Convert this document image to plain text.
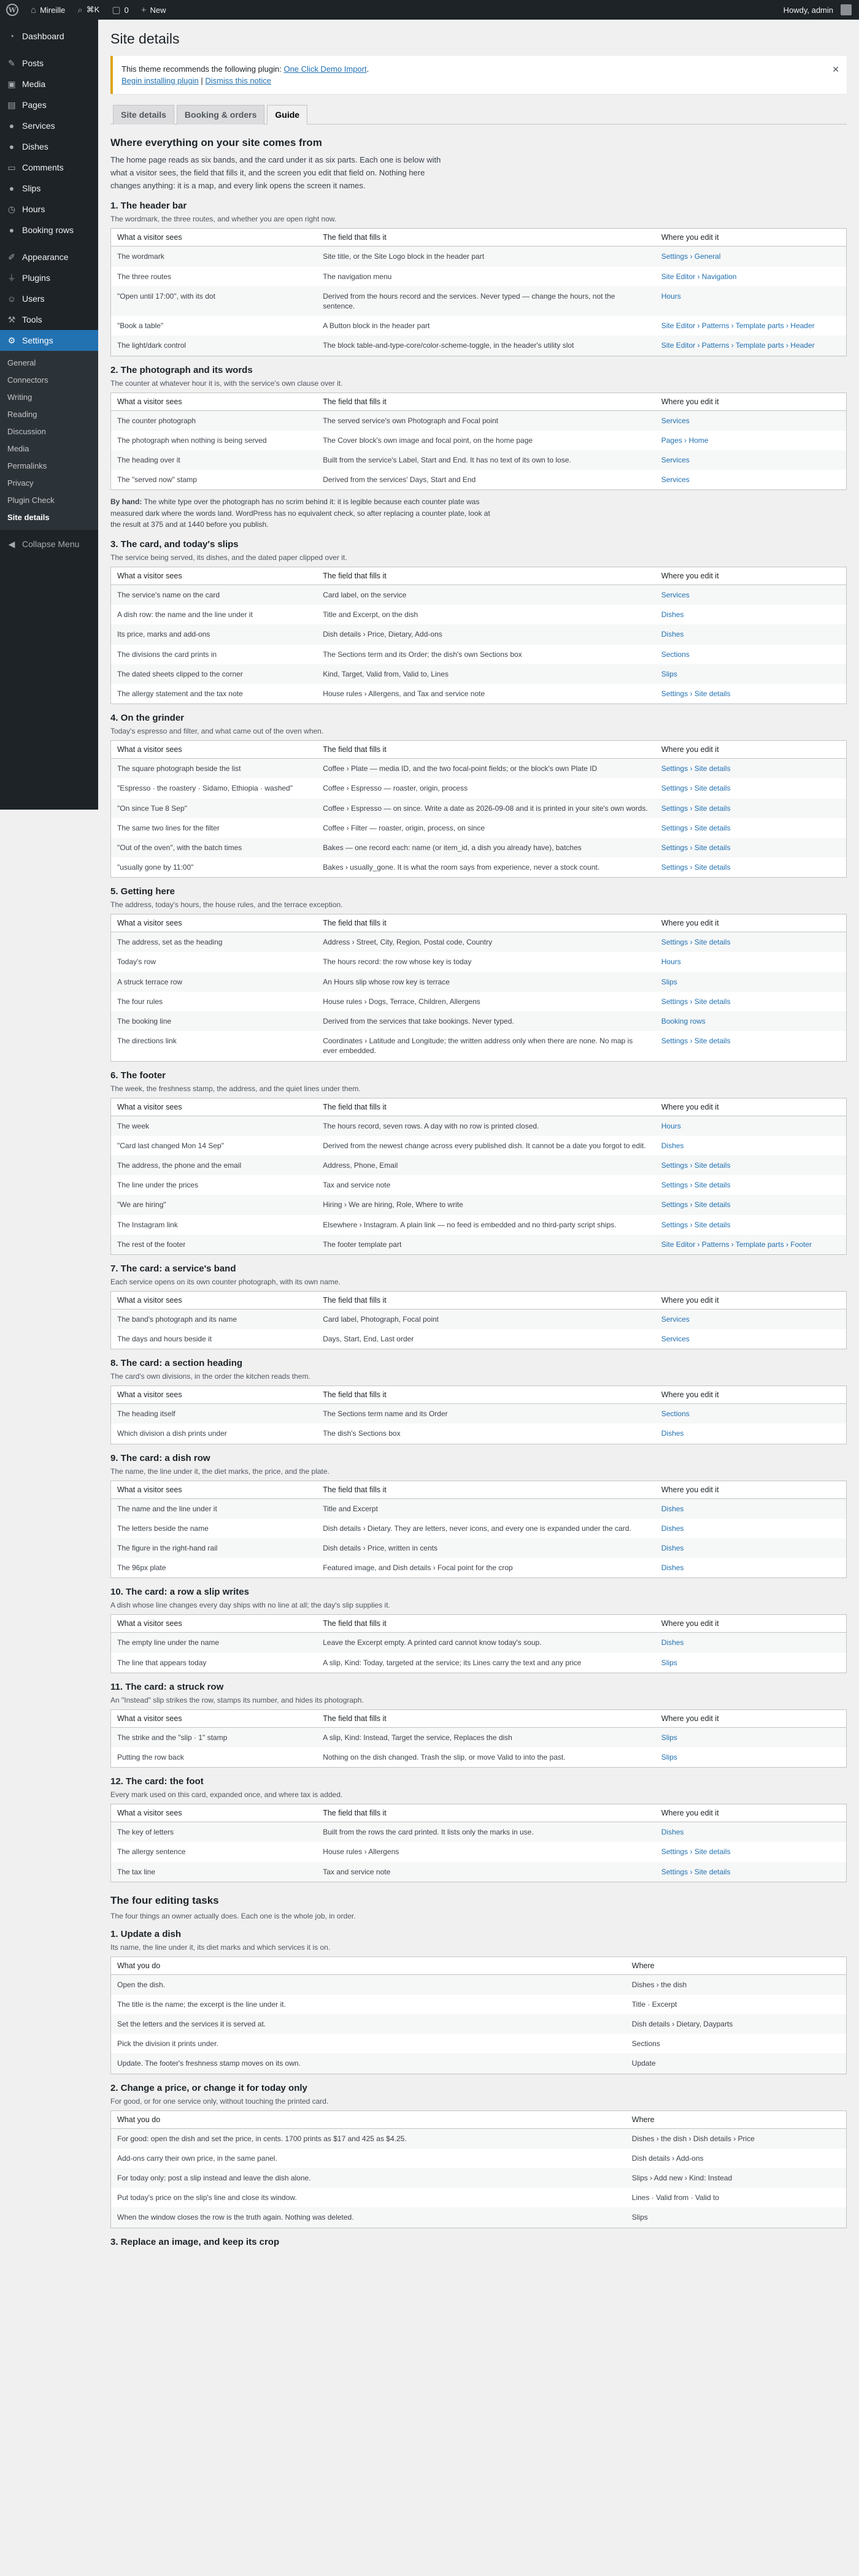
W ⌂ Mireille ⌕ ⌘K ▢ 0 + New	Howdy, admin
◔ Dashboard
✎ Posts
▣ Media
▤ Pages
● Services
● Dishes
▭ Comments
● Slips
◷ Hours
● Booking rows
✐ Appearance
⏚ Plugins
☺ Users
⚒ Tools
⚙ Settings
General
Connectors
Writing
Reading
Discussion
Media
Permalinks
Privacy
Plugin Check
Site details
◀ Collapse Menu
Site details

This theme recommends the following plugin: One Click Demo Import.

Begin installing plugin | Dismiss this notice

✕
Site details	Booking & orders	Guide
Where everything on your site comes from

The home page reads as six bands, and the card under it as six parts. Each one is below with what a visitor sees, the field that fills it, and the screen you edit that field on. Nothing here changes anything: it is a map, and every link opens the screen it names.

1. The header bar

The wordmark, the three routes, and whether you are open right now.

What a visitor sees	The field that fills it	Where you edit it
The wordmark	Site title, or the Site Logo block in the header part	Settings › General
The three routes	The navigation menu	Site Editor › Navigation
"Open until 17:00", with its dot	Derived from the hours record and the services. Never typed — change the hours, not the sentence.	Hours
"Book a table"	A Button block in the header part	Site Editor › Patterns › Template parts › Header
The light/dark control	The block table-and-type-core/color-scheme-toggle, in the header's utility slot	Site Editor › Patterns › Template parts › Header
2. The photograph and its words

The counter at whatever hour it is, with the service's own clause over it.

What a visitor sees	The field that fills it	Where you edit it
The counter photograph	The served service's own Photograph and Focal point	Services
The photograph when nothing is being served	The Cover block's own image and focal point, on the home page	Pages › Home
The heading over it	Built from the service's Label, Start and End. It has no text of its own to lose.	Services
The "served now" stamp	Derived from the services' Days, Start and End	Services

By hand: The white type over the photograph has no scrim behind it: it is legible because each counter plate was measured dark where the words land. WordPress has no equivalent check, so after replacing a counter plate, look at the result at 375 and at 1440 before you publish.

3. The card, and today's slips

The service being served, its dishes, and the dated paper clipped over it.

What a visitor sees	The field that fills it	Where you edit it
The service's name on the card	Card label, on the service	Services
A dish row: the name and the line under it	Title and Excerpt, on the dish	Dishes
Its price, marks and add-ons	Dish details › Price, Dietary, Add-ons	Dishes
The divisions the card prints in	The Sections term and its Order; the dish's own Sections box	Sections
The dated sheets clipped to the corner	Kind, Target, Valid from, Valid to, Lines	Slips
The allergy statement and the tax note	House rules › Allergens, and Tax and service note	Settings › Site details
4. On the grinder

Today's espresso and filter, and what came out of the oven when.

What a visitor sees	The field that fills it	Where you edit it
The square photograph beside the list	Coffee › Plate — media ID, and the two focal-point fields; or the block's own Plate ID	Settings › Site details
"Espresso · the roastery · Sidamo, Ethiopia · washed"	Coffee › Espresso — roaster, origin, process	Settings › Site details
"On since Tue 8 Sep"	Coffee › Espresso — on since. Write a date as 2026-09-08 and it is printed in your site's own words.	Settings › Site details
The same two lines for the filter	Coffee › Filter — roaster, origin, process, on since	Settings › Site details
"Out of the oven", with the batch times	Bakes — one record each: name (or item_id, a dish you already have), batches	Settings › Site details
"usually gone by 11:00"	Bakes › usually_gone. It is what the room says from experience, never a stock count.	Settings › Site details
5. Getting here

The address, today's hours, the house rules, and the terrace exception.

What a visitor sees	The field that fills it	Where you edit it
The address, set as the heading	Address › Street, City, Region, Postal code, Country	Settings › Site details
Today's row	The hours record: the row whose key is today	Hours
A struck terrace row	An Hours slip whose row key is terrace	Slips
The four rules	House rules › Dogs, Terrace, Children, Allergens	Settings › Site details
The booking line	Derived from the services that take bookings. Never typed.	Booking rows
The directions link	Coordinates › Latitude and Longitude; the written address only when there are none. No map is ever embedded.	Settings › Site details
6. The footer

The week, the freshness stamp, the address, and the quiet lines under them.

What a visitor sees	The field that fills it	Where you edit it
The week	The hours record, seven rows. A day with no row is printed closed.	Hours
"Card last changed Mon 14 Sep"	Derived from the newest change across every published dish. It cannot be a date you forgot to edit.	Dishes
The address, the phone and the email	Address, Phone, Email	Settings › Site details
The line under the prices	Tax and service note	Settings › Site details
"We are hiring"	Hiring › We are hiring, Role, Where to write	Settings › Site details
The Instagram link	Elsewhere › Instagram. A plain link — no feed is embedded and no third-party script ships.	Settings › Site details
The rest of the footer	The footer template part	Site Editor › Patterns › Template parts › Footer
7. The card: a service's band

Each service opens on its own counter photograph, with its own name.

What a visitor sees	The field that fills it	Where you edit it
The band's photograph and its name	Card label, Photograph, Focal point	Services
The days and hours beside it	Days, Start, End, Last order	Services
8. The card: a section heading

The card's own divisions, in the order the kitchen reads them.

What a visitor sees	The field that fills it	Where you edit it
The heading itself	The Sections term name and its Order	Sections
Which division a dish prints under	The dish's Sections box	Dishes
9. The card: a dish row

The name, the line under it, the diet marks, the price, and the plate.

What a visitor sees	The field that fills it	Where you edit it
The name and the line under it	Title and Excerpt	Dishes
The letters beside the name	Dish details › Dietary. They are letters, never icons, and every one is expanded under the card.	Dishes
The figure in the right-hand rail	Dish details › Price, written in cents	Dishes
The 96px plate	Featured image, and Dish details › Focal point for the crop	Dishes
10. The card: a row a slip writes

A dish whose line changes every day ships with no line at all; the day's slip supplies it.

What a visitor sees	The field that fills it	Where you edit it
The empty line under the name	Leave the Excerpt empty. A printed card cannot know today's soup.	Dishes
The line that appears today	A slip, Kind: Today, targeted at the service; its Lines carry the text and any price	Slips
11. The card: a struck row

An "Instead" slip strikes the row, stamps its number, and hides its photograph.

What a visitor sees	The field that fills it	Where you edit it
The strike and the "slip · 1" stamp	A slip, Kind: Instead, Target the service, Replaces the dish	Slips
Putting the row back	Nothing on the dish changed. Trash the slip, or move Valid to into the past.	Slips
12. The card: the foot

Every mark used on this card, expanded once, and where tax is added.

What a visitor sees	The field that fills it	Where you edit it
The key of letters	Built from the rows the card printed. It lists only the marks in use.	Dishes
The allergy sentence	House rules › Allergens	Settings › Site details
The tax line	Tax and service note	Settings › Site details
The four editing tasks

The four things an owner actually does. Each one is the whole job, in order.

1. Update a dish

Its name, the line under it, its diet marks and which services it is on.

What you do	Where
Open the dish.	Dishes › the dish
The title is the name; the excerpt is the line under it.	Title · Excerpt
Set the letters and the services it is served at.	Dish details › Dietary, Dayparts
Pick the division it prints under.	Sections
Update. The footer's freshness stamp moves on its own.	Update
2. Change a price, or change it for today only

For good, or for one service only, without touching the printed card.

What you do	Where
For good: open the dish and set the price, in cents. 1700 prints as $17 and 425 as $4.25.	Dishes › the dish › Dish details › Price
Add-ons carry their own price, in the same panel.	Dish details › Add-ons
For today only: post a slip instead and leave the dish alone.	Slips › Add new › Kind: Instead
Put today's price on the slip's line and close its window.	Lines · Valid from · Valid to
When the window closes the row is the truth again. Nothing was deleted.	Slips
3. Replace an image, and keep its crop
